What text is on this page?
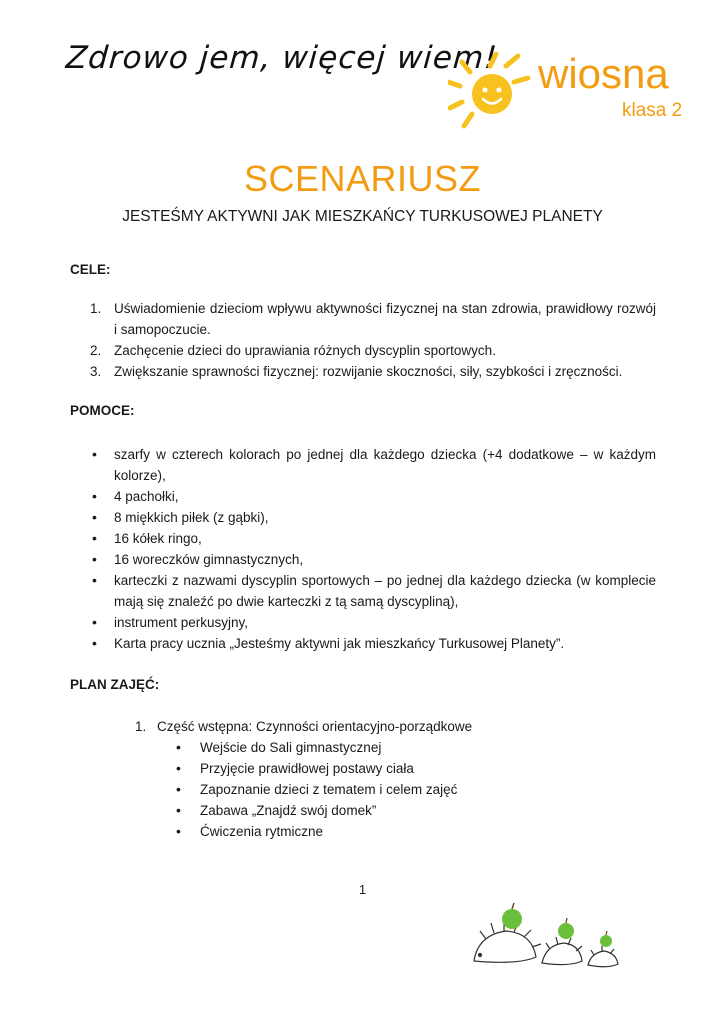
Zdrowo jem, więcej wiem! wiosna
klasa 2
SCENARIUSZ
JESTEŚMY AKTYWNI JAK MIESZKAŃCY TURKUSOWEJ PLANETY
CELE:
1. Uświadomienie dzieciom wpływu aktywności fizycznej na stan zdrowia, prawidłowy rozwój i samopoczucie.
2. Zachęcenie dzieci do uprawiania różnych dyscyplin sportowych.
3. Zwiększanie sprawności fizycznej: rozwijanie skoczności, siły, szybkości i zręczności.
POMOCE:
• szarfy w czterech kolorach po jednej dla każdego dziecka (+4 dodatkowe – w każdym kolorze),
• 4 pachołki,
• 8 miękkich piłek (z gąbki),
• 16 kółek ringo,
• 16 woreczków gimnastycznych,
• karteczki z nazwami dyscyplin sportowych – po jednej dla każdego dziecka (w komplecie mają się znaleźć po dwie karteczki z tą samą dyscypliną),
• instrument perkusyjny,
• Karta pracy ucznia „Jesteśmy aktywni jak mieszkańcy Turkusowej Planety”.
PLAN ZAJĘĆ:
1. Część wstępna: Czynności orientacyjno-porządkowe
• Wejście do Sali gimnastycznej
• Przyjęcie prawidłowej postawy ciała
• Zapoznanie dzieci z tematem i celem zajęć
• Zabawa „Znajdź swój domek”
• Ćwiczenia rytmiczne
1
